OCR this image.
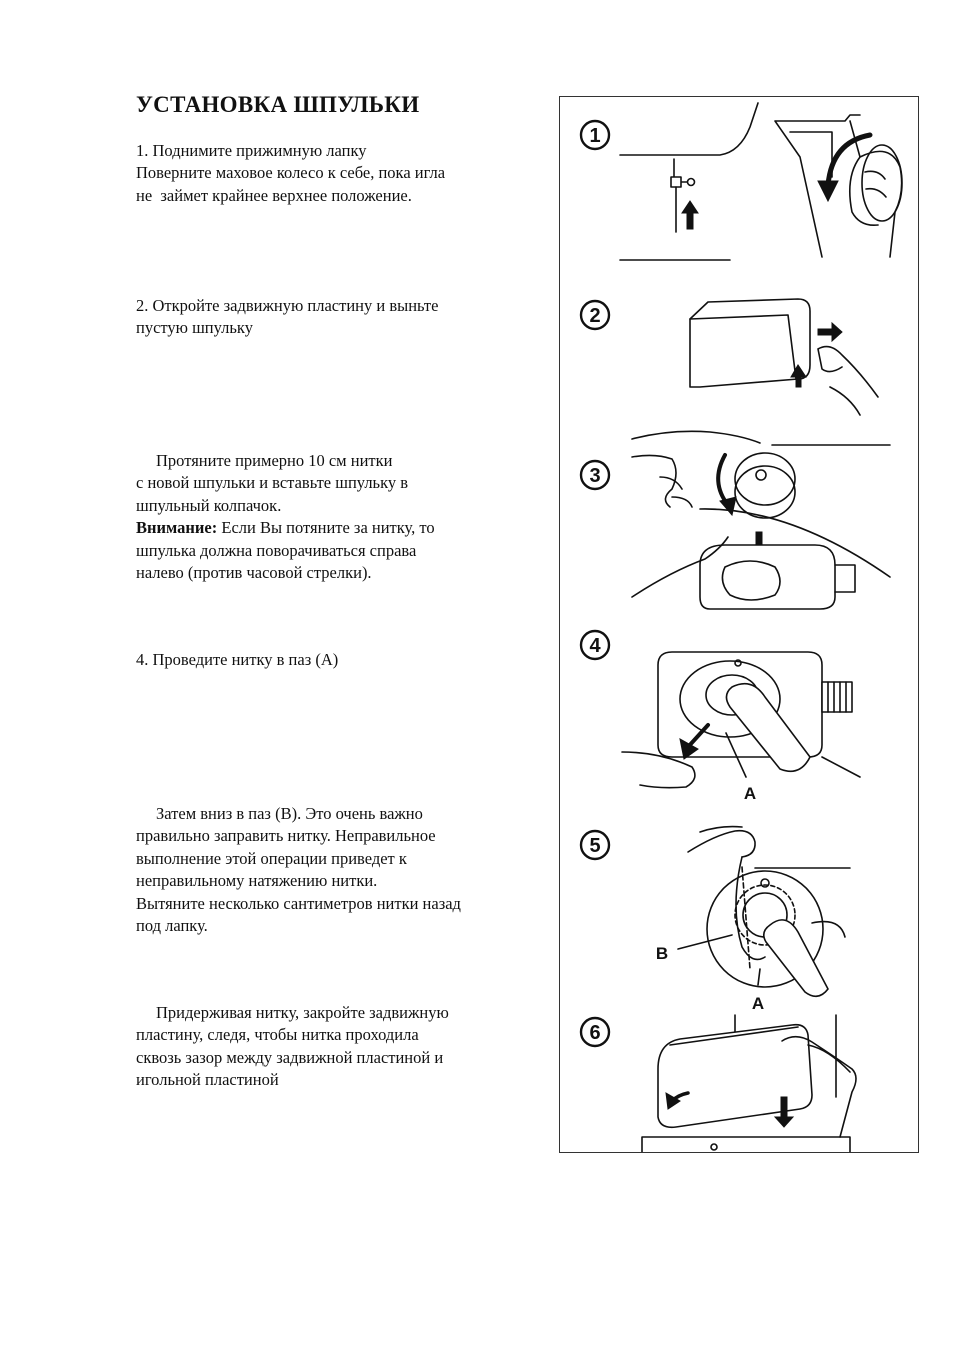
УСТАНОВКА ШПУЛЬКИ
1. Поднимите прижимную лапку
Поверните маховое колесо к себе, пока игла
не  займет крайнее верхнее положение.
2. Откройте задвижную пластину и выньте
пустую шпульку
Протяните примерно 10 см нитки
с новой шпульки и вставьте шпульку в
шпульный колпачок.
Внимание: Если Вы потяните за нитку, то
шпулька должна поворачиваться справа
налево (против часовой стрелки).
4. Проведите нитку в паз (А)
Затем вниз в паз (В). Это очень важно
правильно заправить нитку. Неправильное
выполнение этой операции приведет к
неправильному натяжению нитки.
Вытяните несколько сантиметров нитки назад
под лапку.
Придерживая нитку, закройте задвижную
пластину, следя, чтобы нитка проходила
сквозь зазор между задвижной пластиной и
игольной пластиной
1
2
3
4
A
5
B
A
6
